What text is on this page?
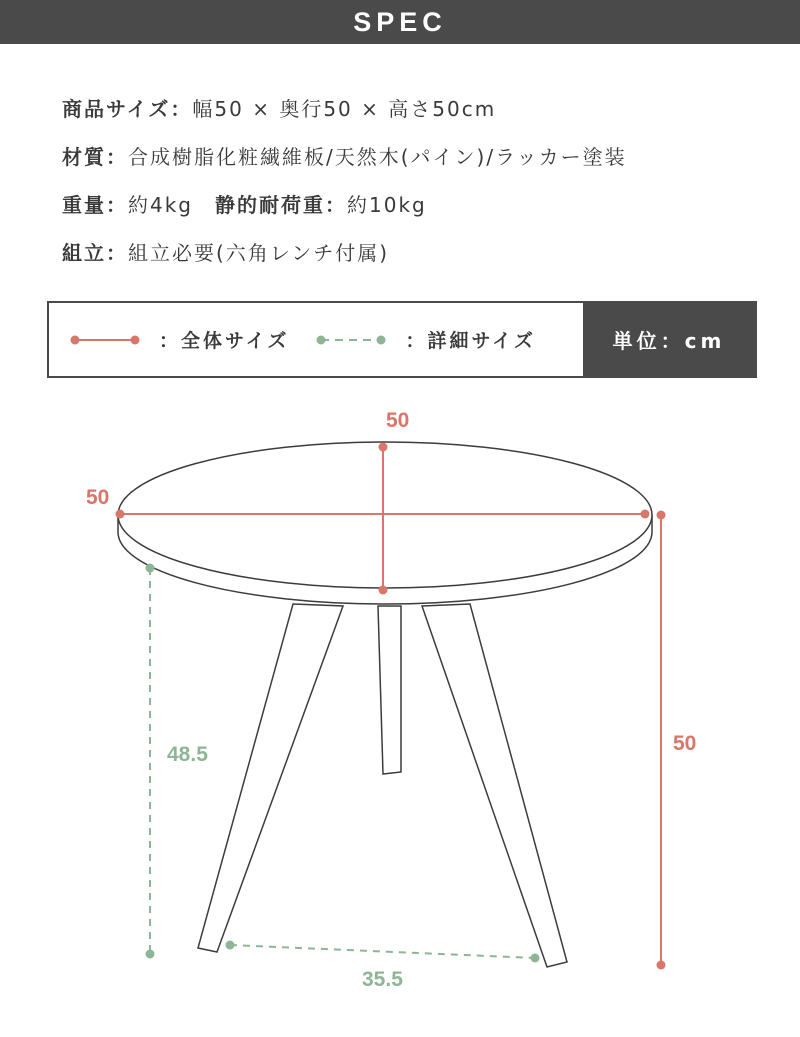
SPEC
商品サイズ：幅50 × 奥行50 × 高さ50cm
材質：合成樹脂化粧繊維板/天然木(パイン)/ラッカー塗装
重量：約4kg 静的耐荷重：約10kg
組立：組立必要(六角レンチ付属)
：全体サイズ	：詳細サイズ	単位：cm
50
50
50
48.5
35.5
